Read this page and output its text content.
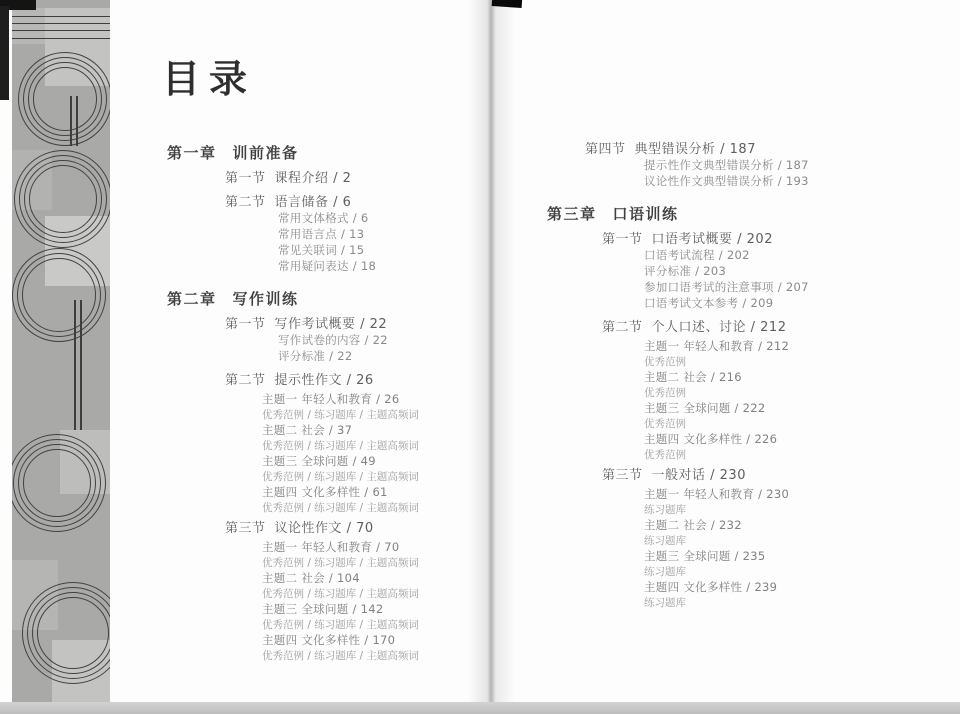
目录
第一章 训前准备
第一节 课程介绍 / 2
第二节 语言储备 / 6
常用文体格式 / 6
常用语言点 / 13
常见关联词 / 15
常用疑问表达 / 18
第二章 写作训练
第一节 写作考试概要 / 22
写作试卷的内容 / 22
评分标准 / 22
第二节 提示性作文 / 26
主题一 年轻人和教育 / 26
优秀范例 / 练习题库 / 主题高频词
主题二 社会 / 37
优秀范例 / 练习题库 / 主题高频词
主题三 全球问题 / 49
优秀范例 / 练习题库 / 主题高频词
主题四 文化多样性 / 61
优秀范例 / 练习题库 / 主题高频词
第三节 议论性作文 / 70
主题一 年轻人和教育 / 70
优秀范例 / 练习题库 / 主题高频词
主题二 社会 / 104
优秀范例 / 练习题库 / 主题高频词
主题三 全球问题 / 142
优秀范例 / 练习题库 / 主题高频词
主题四 文化多样性 / 170
优秀范例 / 练习题库 / 主题高频词
第四节 典型错误分析 / 187
提示性作文典型错误分析 / 187
议论性作文典型错误分析 / 193
第三章 口语训练
第一节 口语考试概要 / 202
口语考试流程 / 202
评分标准 / 203
参加口语考试的注意事项 / 207
口语考试文本参考 / 209
第二节 个人口述、讨论 / 212
主题一 年轻人和教育 / 212
优秀范例
主题二 社会 / 216
优秀范例
主题三 全球问题 / 222
优秀范例
主题四 文化多样性 / 226
优秀范例
第三节 一般对话 / 230
主题一 年轻人和教育 / 230
练习题库
主题二 社会 / 232
练习题库
主题三 全球问题 / 235
练习题库
主题四 文化多样性 / 239
练习题库
